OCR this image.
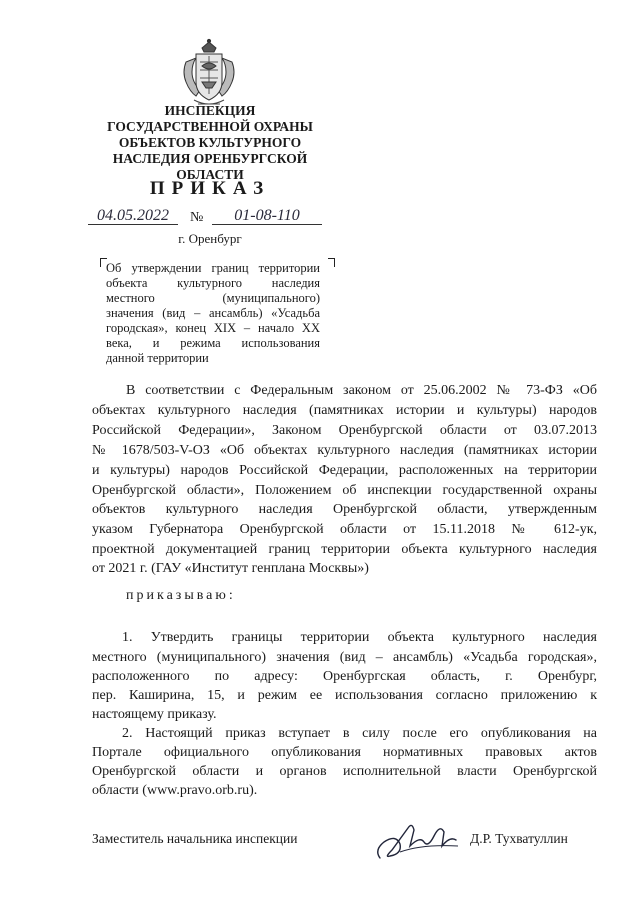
ИНСПЕКЦИЯ
ГОСУДАРСТВЕННОЙ ОХРАНЫ
ОБЪЕКТОВ КУЛЬТУРНОГО
НАСЛЕДИЯ ОРЕНБУРГСКОЙ
ОБЛАСТИ
ПРИКАЗ
04.05.2022	№	01-08-110
г. Оренбург
Об утверждении границ территории
объекта культурного наследия
местного (муниципального)
значения (вид – ансамбль) «Усадьба
городская», конец XIX – начало XX
века, и режима использования
данной территории
В соответствии с Федеральным законом от 25.06.2002 № 73-ФЗ «Об
объектах культурного наследия (памятниках истории и культуры) народов
Российской Федерации», Законом Оренбургской области от 03.07.2013
№ 1678/503-V-ОЗ «Об объектах культурного наследия (памятниках истории
и культуры) народов Российской Федерации, расположенных на территории
Оренбургской области», Положением об инспекции государственной охраны
объектов культурного наследия Оренбургской области, утвержденным
указом Губернатора Оренбургской области от 15.11.2018 № 612-ук,
проектной документацией границ территории объекта культурного наследия
от 2021 г. (ГАУ «Институт генплана Москвы»)
приказываю:
1. Утвердить границы территории объекта культурного наследия
местного (муниципального) значения (вид – ансамбль) «Усадьба городская»,
расположенного по адресу: Оренбургская область, г. Оренбург,
пер. Каширина, 15, и режим ее использования согласно приложению к
настоящему приказу.
2. Настоящий приказ вступает в силу после его опубликования на
Портале официального опубликования нормативных правовых актов
Оренбургской области и органов исполнительной власти Оренбургской
области (www.pravo.orb.ru).
Заместитель начальника инспекции	Д.Р. Тухватуллин
